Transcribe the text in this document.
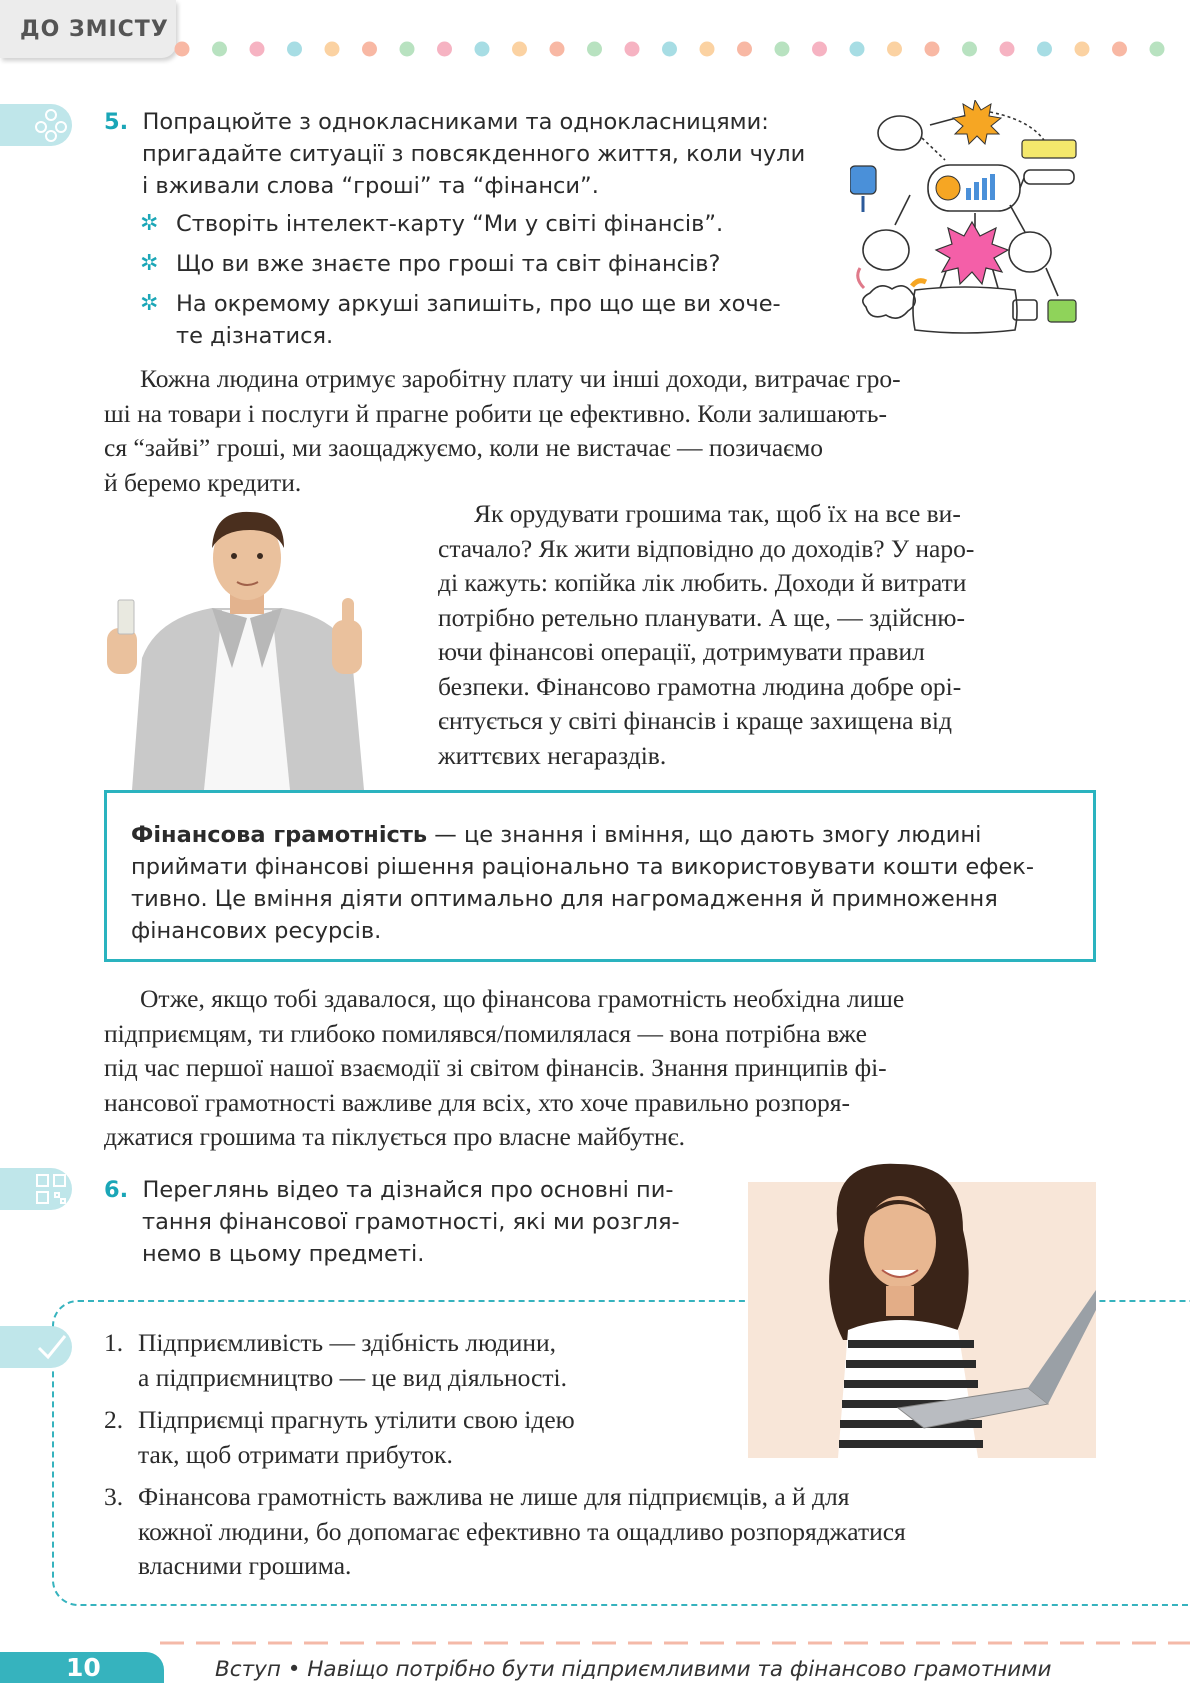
ДО ЗМІСТУ
5. Попрацюйте з однокласниками та однокласницями:
пригадайте ситуації з повсякденного життя, коли чули
і вживали слова “гроші” та “фінанси”.
✲ Створіть інтелект-карту “Ми у світі фінансів”.
✲ Що ви вже знаєте про гроші та світ фінансів?
✲ На окремому аркуші запишіть, про що ще ви хоче-
те дізнатися.
Кожна людина отримує заробітну плату чи інші доходи, витрачає гро-
ші на товари і послуги й прагне робити це ефективно. Коли залишають-
ся “зайві” гроші, ми заощаджуємо, коли не вистачає — позичаємо
й беремо кредити.
Як орудувати грошима так, щоб їх на все ви-
стачало? Як жити відповідно до доходів? У наро-
ді кажуть: копійка лік любить. Доходи й витрати
потрібно ретельно планувати. А ще, — здійсню-
ючи фінансові операції, дотримувати правил
безпеки. Фінансово грамотна людина добре орі-
єнтується у світі фінансів і краще захищена від
життєвих негараздів.
Фінансова грамотність — це знання і вміння, що дають змогу людині
приймати фінансові рішення раціонально та використовувати кошти ефек-
тивно. Це вміння діяти оптимально для нагромадження й примноження
фінансових ресурсів.
Отже, якщо тобі здавалося, що фінансова грамотність необхідна лише
підприємцям, ти глибоко помилявся/помилялася — вона потрібна вже
під час першої нашої взаємодії зі світом фінансів. Знання принципів фі-
нансової грамотності важливе для всіх, хто хоче правильно розпоря-
джатися грошима та піклується про власне майбутнє.
6. Переглянь відео та дізнайся про основні пи-
тання фінансової грамотності, які ми розгля-
немо в цьому предметі.
1. Підприємливість — здібність людини,
а підприємництво — це вид діяльності.
2. Підприємці прагнуть утілити свою ідею
так, щоб отримати прибуток.
3. Фінансова грамотність важлива не лише для підприємців, а й для
кожної людини, бо допомагає ефективно та ощадливо розпоряджатися
власними грошима.
10	Вступ • Навіщо потрібно бути підприємливими та фінансово грамотними
